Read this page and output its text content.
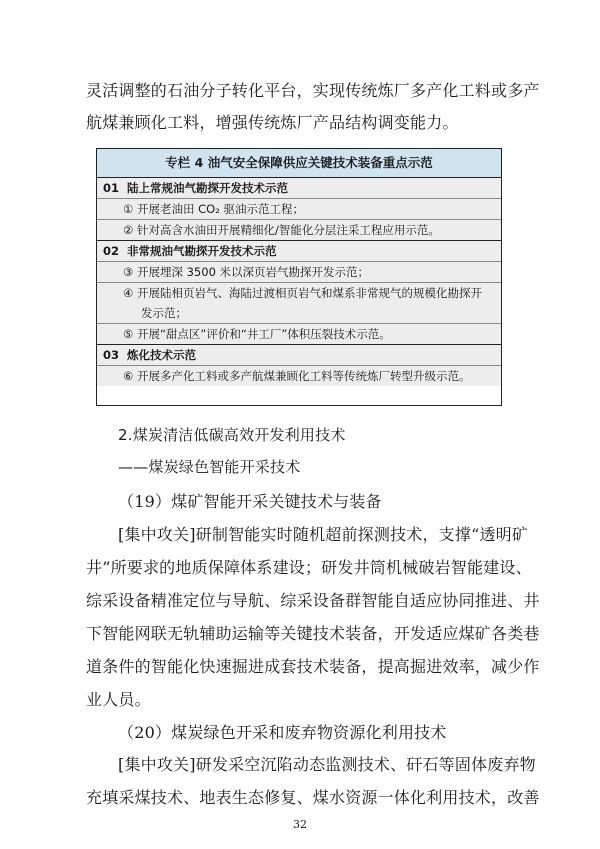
灵活调整的石油分子转化平台，实现传统炼厂多产化工料或多产
航煤兼顾化工料，增强传统炼厂产品结构调变能力。
专栏 4 油气安全保障供应关键技术装备重点示范
01 陆上常规油气勘探开发技术示范
① 开展老油田 CO₂ 驱油示范工程；
② 针对高含水油田开展精细化/智能化分层注采工程应用示范。
02 非常规油气勘探开发技术示范
③ 开展埋深 3500 米以深页岩气勘探开发示范；
④ 开展陆相页岩气、海陆过渡相页岩气和煤系非常规气的规模化勘探开
发示范；
⑤ 开展“甜点区”评价和“井工厂”体积压裂技术示范。
03 炼化技术示范
⑥ 开展多产化工料或多产航煤兼顾化工料等传统炼厂转型升级示范。
2.煤炭清洁低碳高效开发利用技术
——煤炭绿色智能开采技术
（19）煤矿智能开采关键技术与装备
[集中攻关]研制智能实时随机超前探测技术，支撑“透明矿
井”所要求的地质保障体系建设；研发井筒机械破岩智能建设、
综采设备精准定位与导航、综采设备群智能自适应协同推进、井
下智能网联无轨辅助运输等关键技术装备，开发适应煤矿各类巷
道条件的智能化快速掘进成套技术装备，提高掘进效率，减少作
业人员。
（20）煤炭绿色开采和废弃物资源化利用技术
[集中攻关]研发采空沉陷动态监测技术、矸石等固体废弃物
充填采煤技术、地表生态修复、煤水资源一体化利用技术，改善
32
